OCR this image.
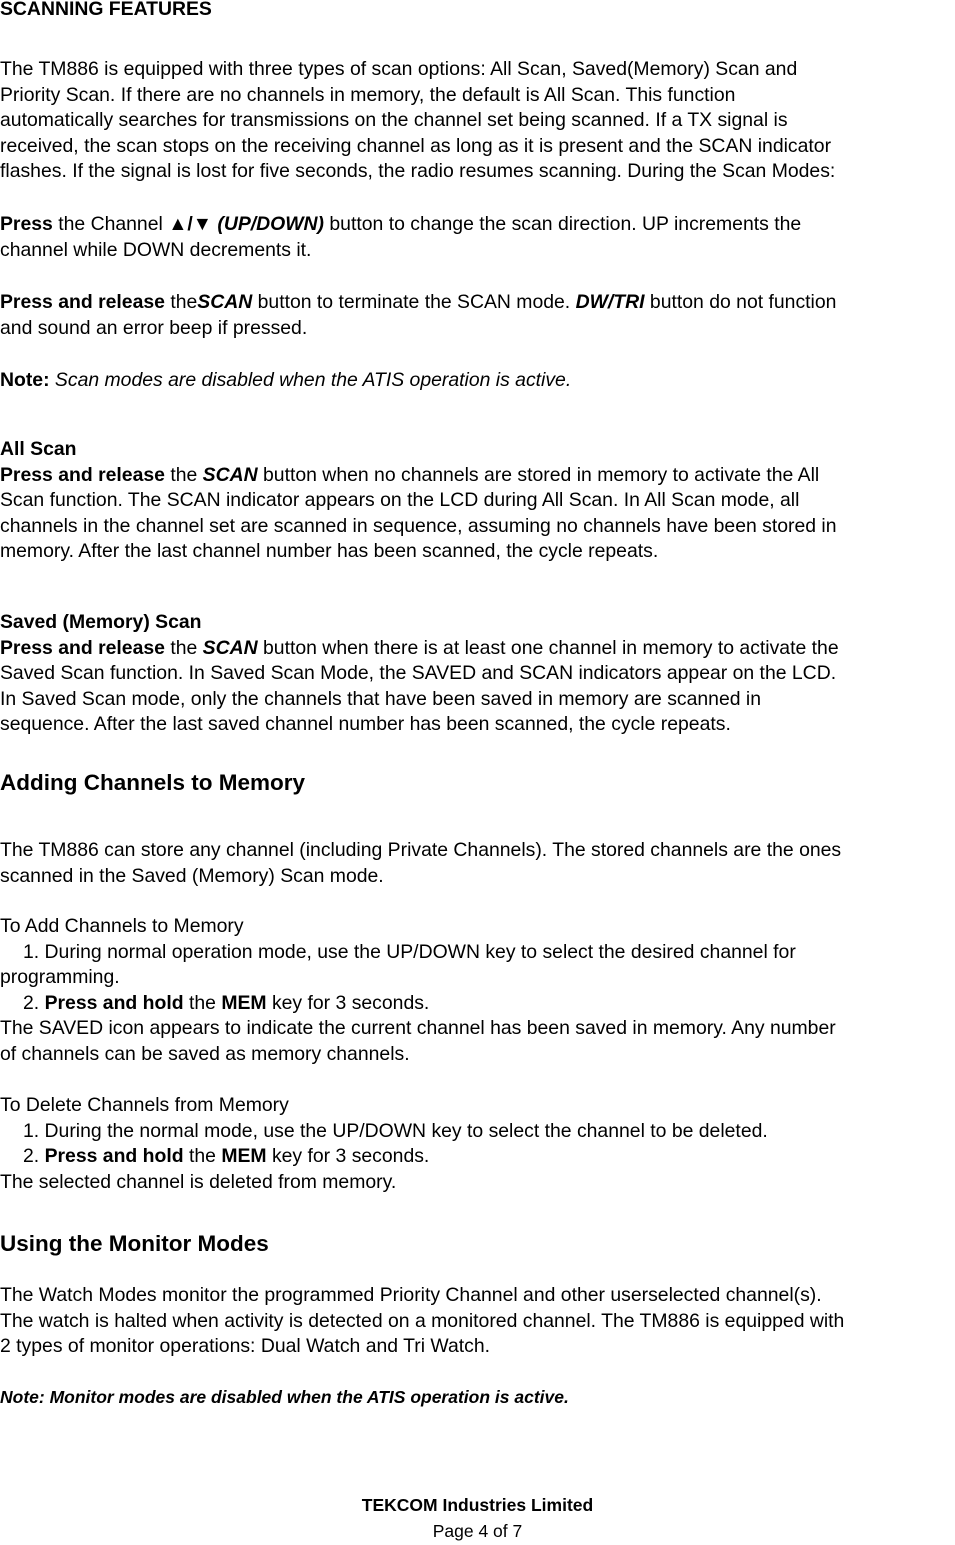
SCANNING FEATURES
The TM886 is equipped with three types of scan options: All Scan, Saved(Memory) Scan and
Priority Scan. If there are no channels in memory, the default is All Scan. This function
automatically searches for transmissions on the channel set being scanned. If a TX signal is
received, the scan stops on the receiving channel as long as it is present and the SCAN indicator
flashes. If the signal is lost for five seconds, the radio resumes scanning. During the Scan Modes:
Press the Channel ▲/▼ (UP/DOWN) button to change the scan direction. UP increments the
channel while DOWN decrements it.
Press and release theSCAN button to terminate the SCAN mode. DW/TRI button do not function
and sound an error beep if pressed.
Note: Scan modes are disabled when the ATIS operation is active.
All Scan
Press and release the SCAN button when no channels are stored in memory to activate the All
Scan function. The SCAN indicator appears on the LCD during All Scan. In All Scan mode, all
channels in the channel set are scanned in sequence, assuming no channels have been stored in
memory. After the last channel number has been scanned, the cycle repeats.
Saved (Memory) Scan
Press and release the SCAN button when there is at least one channel in memory to activate the
Saved Scan function. In Saved Scan Mode, the SAVED and SCAN indicators appear on the LCD.
In Saved Scan mode, only the channels that have been saved in memory are scanned in
sequence. After the last saved channel number has been scanned, the cycle repeats.
Adding Channels to Memory
The TM886 can store any channel (including Private Channels). The stored channels are the ones
scanned in the Saved (Memory) Scan mode.
To Add Channels to Memory
1. During normal operation mode, use the UP/DOWN key to select the desired channel for
programming.
2. Press and hold the MEM key for 3 seconds.
The SAVED icon appears to indicate the current channel has been saved in memory. Any number
of channels can be saved as memory channels.
To Delete Channels from Memory
1. During the normal mode, use the UP/DOWN key to select the channel to be deleted.
2. Press and hold the MEM key for 3 seconds.
The selected channel is deleted from memory.
Using the Monitor Modes
The Watch Modes monitor the programmed Priority Channel and other userselected channel(s).
The watch is halted when activity is detected on a monitored channel. The TM886 is equipped with
2 types of monitor operations: Dual Watch and Tri Watch.
Note: Monitor modes are disabled when the ATIS operation is active.
TEKCOM Industries Limited
Page 4 of 7
